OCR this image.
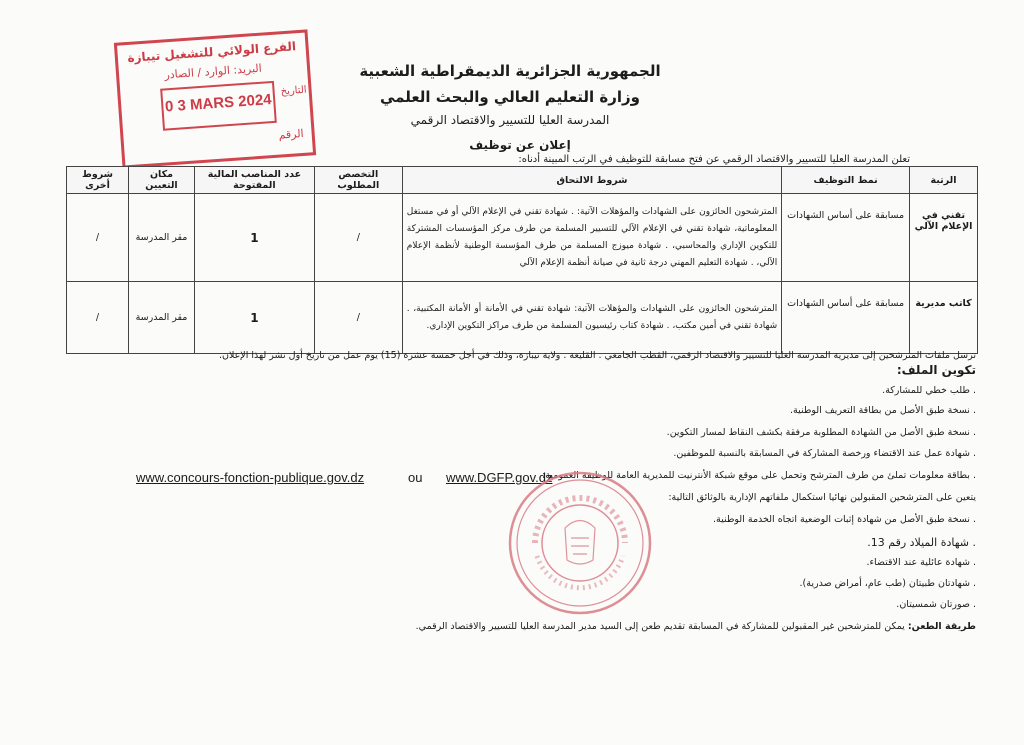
الجمهورية الجزائرية الديمقراطية الشعبية
وزارة التعليم العالي والبحث العلمي
المدرسة العليا للتسيير والاقتصاد الرقمي
إعلان عن توظيف
الفرع الولائي للتشغيل تيبازة
البريد: الوارد / الصادر
التاريخ
0 3 MARS 2024
الرقم
تعلن المدرسة العليا للتسيير والاقتصاد الرقمي عن فتح مسابقة للتوظيف في الرتب المبينة أدناه:
الرتبة	نمط التوظيف	شروط الالتحاق	التخصص المطلوب	عدد المناصب المالية المفتوحة	مكان التعيين	شروط أخرى
تقني في الإعلام الآلي	مسابقة على أساس الشهادات	المترشحون الحائزون على الشهادات والمؤهلات الآتية: . شهادة تقني في الإعلام الآلي أو في مستغل المعلوماتية، شهادة تقني في الإعلام الآلي للتسيير المسلمة من طرف مركز المؤسسات المشتركة للتكوين الإداري والمحاسبي، . شهادة ميوزج المسلمة من طرف المؤسسة الوطنية لأنظمة الإعلام الآلي، . شهادة التعليم المهني درجة ثانية في صيانة أنظمة الإعلام الآلي	/	1	مقر المدرسة	/
كاتب مديرية	مسابقة على أساس الشهادات	المترشحون الحائزون على الشهادات والمؤهلات الآتية: شهادة تقني في الأمانة أو الأمانة المكتبية، . شهادة تقني في أمين مكتب، . شهادة كتاب رئيسيون المسلمة من طرف مراكز التكوين الإداري.	/	1	مقر المدرسة	/
ترسل ملفات المترشحين إلى مديرية المدرسة العليا للتسيير والاقتصاد الرقمي، القطب الجامعي . القليعة . ولاية تيبازة، وذلك في أجل خمسة عشرة (15) يوم عمل من تاريخ أول نشر لهذا الإعلان.
تكوين الملف:
. طلب خطي للمشاركة.
. نسخة طبق الأصل من بطاقة التعريف الوطنية.
. نسخة طبق الأصل من الشهادة المطلوبة مرفقة بكشف النقاط لمسار التكوين.
. شهادة عمل عند الاقتضاء ورخصة المشاركة في المسابقة بالنسبة للموظفين.
. بطاقة معلومات تملئ من طرف المترشح وتحمل على موقع شبكة الأنترنيت للمديرية العامة للوظيفة العمومية:
www.concours-fonction-publique.gov.dz	ou www.DGFP.gov.dz
يتعين على المترشحين المقبولين نهائيا استكمال ملفاتهم الإدارية بالوثائق التالية:
. نسخة طبق الأصل من شهادة إثبات الوضعية اتجاه الخدمة الوطنية.
. شهادة الميلاد رقم 13.
. شهادة عائلية عند الاقتضاء.
. شهادتان طبيتان (طب عام، أمراض صدرية).
. صورتان شمسيتان.
طريقة الطعن: يمكن للمترشحين غير المقبولين للمشاركة في المسابقة تقديم طعن إلى السيد مدير المدرسة العليا للتسيير والاقتصاد الرقمي.
